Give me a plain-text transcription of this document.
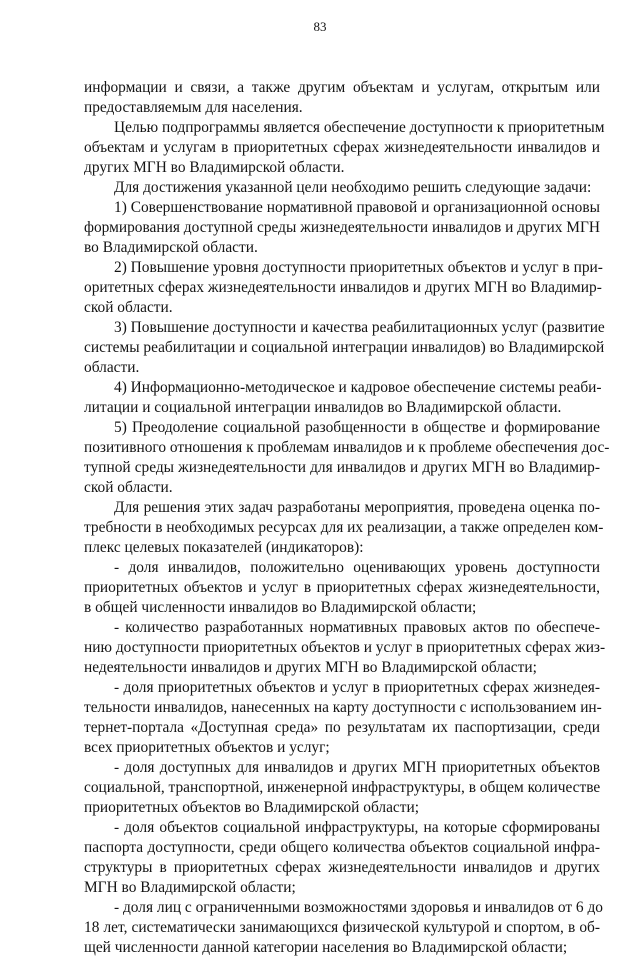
83
информации и связи, а также другим объектам и услугам, открытым или
предоставляемым для населения.
Целью подпрограммы является обеспечение доступности к приоритетным
объектам и услугам в приоритетных сферах жизнедеятельности инвалидов и
других МГН во Владимирской области.
Для достижения указанной цели необходимо решить следующие задачи:
1) Совершенствование нормативной правовой и организационной основы
формирования доступной среды жизнедеятельности инвалидов и других МГН
во Владимирской области.
2) Повышение уровня доступности приоритетных объектов и услуг в при-
оритетных сферах жизнедеятельности инвалидов и других МГН во Владимир-
ской области.
3) Повышение доступности и качества реабилитационных услуг (развитие
системы реабилитации и социальной интеграции инвалидов) во Владимирской
области.
4) Информационно-методическое и кадровое обеспечение системы реаби-
литации и социальной интеграции инвалидов во Владимирской области.
5) Преодоление социальной разобщенности в обществе и формирование
позитивного отношения к проблемам инвалидов и к проблеме обеспечения дос-
тупной среды жизнедеятельности для инвалидов и других МГН во Владимир-
ской области.
Для решения этих задач разработаны мероприятия, проведена оценка по-
требности в необходимых ресурсах для их реализации, а также определен ком-
плекс целевых показателей (индикаторов):
- доля инвалидов, положительно оценивающих уровень доступности
приоритетных объектов и услуг в приоритетных сферах жизнедеятельности,
в общей численности инвалидов во Владимирской области;
- количество разработанных нормативных правовых актов по обеспече-
нию доступности приоритетных объектов и услуг в приоритетных сферах жиз-
недеятельности инвалидов и других МГН во Владимирской области;
- доля приоритетных объектов и услуг в приоритетных сферах жизнедея-
тельности инвалидов, нанесенных на карту доступности с использованием ин-
тернет-портала «Доступная среда» по результатам их паспортизации, среди
всех приоритетных объектов и услуг;
- доля доступных для инвалидов и других МГН приоритетных объектов
социальной, транспортной, инженерной инфраструктуры, в общем количестве
приоритетных объектов во Владимирской области;
- доля объектов социальной инфраструктуры, на которые сформированы
паспорта доступности, среди общего количества объектов социальной инфра-
структуры в приоритетных сферах жизнедеятельности инвалидов и других
МГН во Владимирской области;
- доля лиц с ограниченными возможностями здоровья и инвалидов от 6 до
18 лет, систематически занимающихся физической культурой и спортом, в об-
щей численности данной категории населения во Владимирской области;
